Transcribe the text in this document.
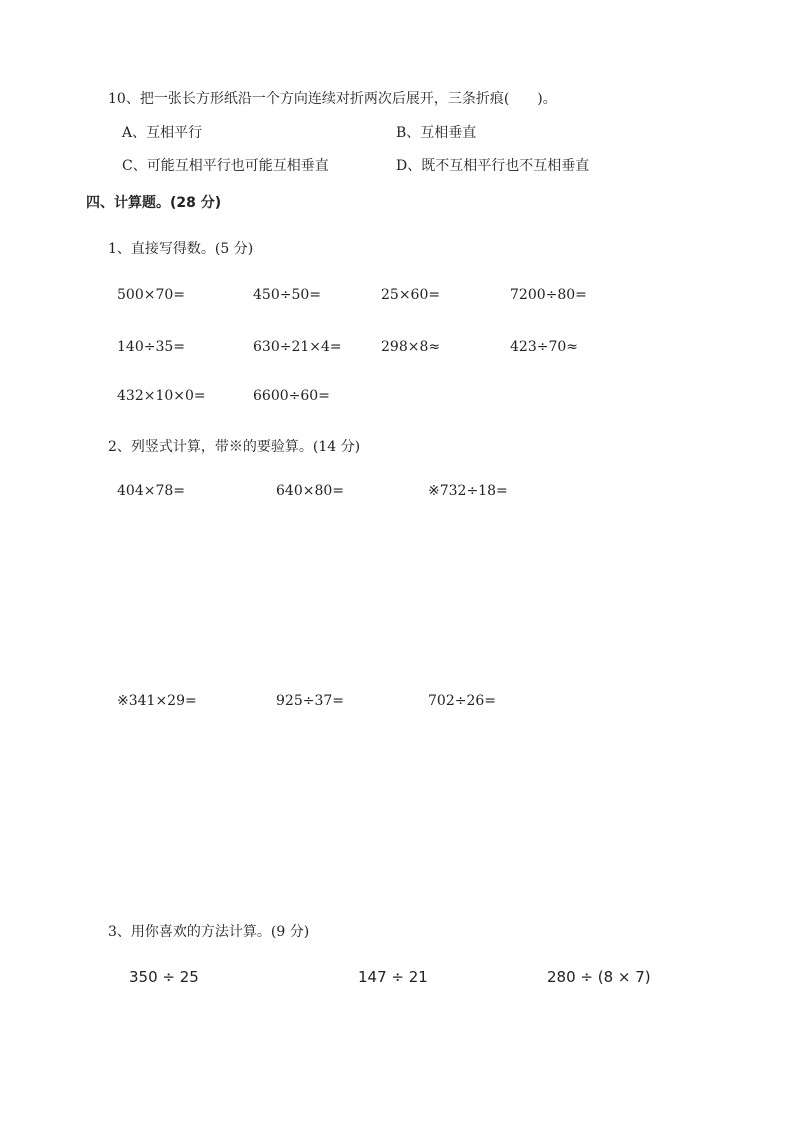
10、把一张长方形纸沿一个方向连续对折两次后展开，三条折痕(　　)。
A、互相平行	B、互相垂直
C、可能互相平行也可能互相垂直	D、既不互相平行也不互相垂直
四、计算题。(28 分)
1、直接写得数。(5 分)
500×70=	450÷50=	25×60=	7200÷80=
140÷35=	630÷21×4=	298×8≈	423÷70≈
432×10×0=	6600÷60=
2、列竖式计算，带※的要验算。(14 分)
404×78=	640×80=	※732÷18=
※341×29=	925÷37=	702÷26=
3、用你喜欢的方法计算。(9 分)
350 ÷ 25	147 ÷ 21	280 ÷ (8 × 7)
